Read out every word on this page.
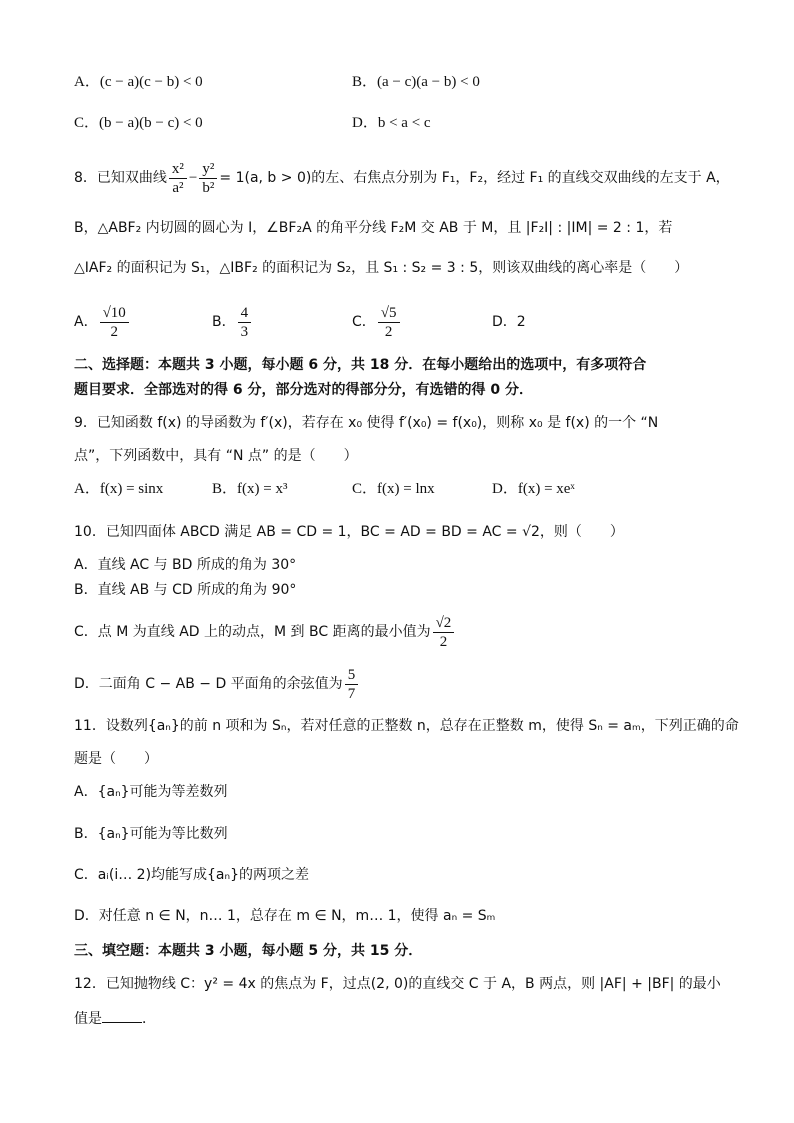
A．(c − a)(c − b) < 0	B．(a − c)(a − b) < 0
C．(b − a)(b − c) < 0	D．b < a < c
8．已知双曲线 $\frac{\text{x²}}{\text{a²}} - \frac{\text{y²}}{\text{b²}} = 1(a$, b > 0)的左、右焦点分别为 F₁，F₂，经过 F₁ 的直线交双曲线的左支于 A，
B，△ABF₂ 内切圆的圆心为 I，∠BF₂A 的角平分线 F₂M 交 AB 于 M，且 |F₂I| : |IM| = 2 : 1，若
△IAF₂ 的面积记为 S₁，△IBF₂ 的面积记为 S₂，且 S₁ : S₂ = 3 : 5，则该双曲线的离心率是（　　）
A． $\frac{√10}{2}$	B． $\frac{4}{3}$	C． $\frac{√5}{2}$	D．2
二、选择题：本题共 3 小题，每小题 6 分，共 18 分．在每小题给出的选项中，有多项符合
题目要求．全部选对的得 6 分，部分选对的得部分分，有选错的得 0 分．
9．已知函数 f(x) 的导函数为 f′(x)，若存在 x₀ 使得 f′(x₀) = f(x₀)，则称 x₀ 是 f(x) 的一个 “N
点”，下列函数中，具有 “N 点” 的是（　　）
A．f(x) = sinx	B．f(x) = x³	C．f(x) = lnx	D．f(x) = xeˣ
10．已知四面体 ABCD 满足 AB = CD = 1，BC = AD = BD = AC = √2，则（　　）
A．直线 AC 与 BD 所成的角为 30°
B．直线 AB 与 CD 所成的角为 90°
C．点 M 为直线 AD 上的动点，M 到 BC 距离的最小值为 $\frac{√2}{2}$
D．二面角 C − AB − D 平面角的余弦值为 $\frac{5}{7}$
11．设数列{aₙ}的前 n 项和为 Sₙ，若对任意的正整数 n，总存在正整数 m，使得 Sₙ = aₘ，下列正确的命
题是（　　）
A．{aₙ}可能为等差数列
B．{aₙ}可能为等比数列
C．aᵢ(i… 2)均能写成{aₙ}的两项之差
D．对任意 n ∈ N，n… 1，总存在 m ∈ N，m… 1，使得 aₙ = Sₘ
三、填空题：本题共 3 小题，每小题 5 分，共 15 分．
12．已知抛物线 C：y² = 4x 的焦点为 F，过点(2, 0)的直线交 C 于 A，B 两点，则 |AF| + |BF| 的最小
值是	．
